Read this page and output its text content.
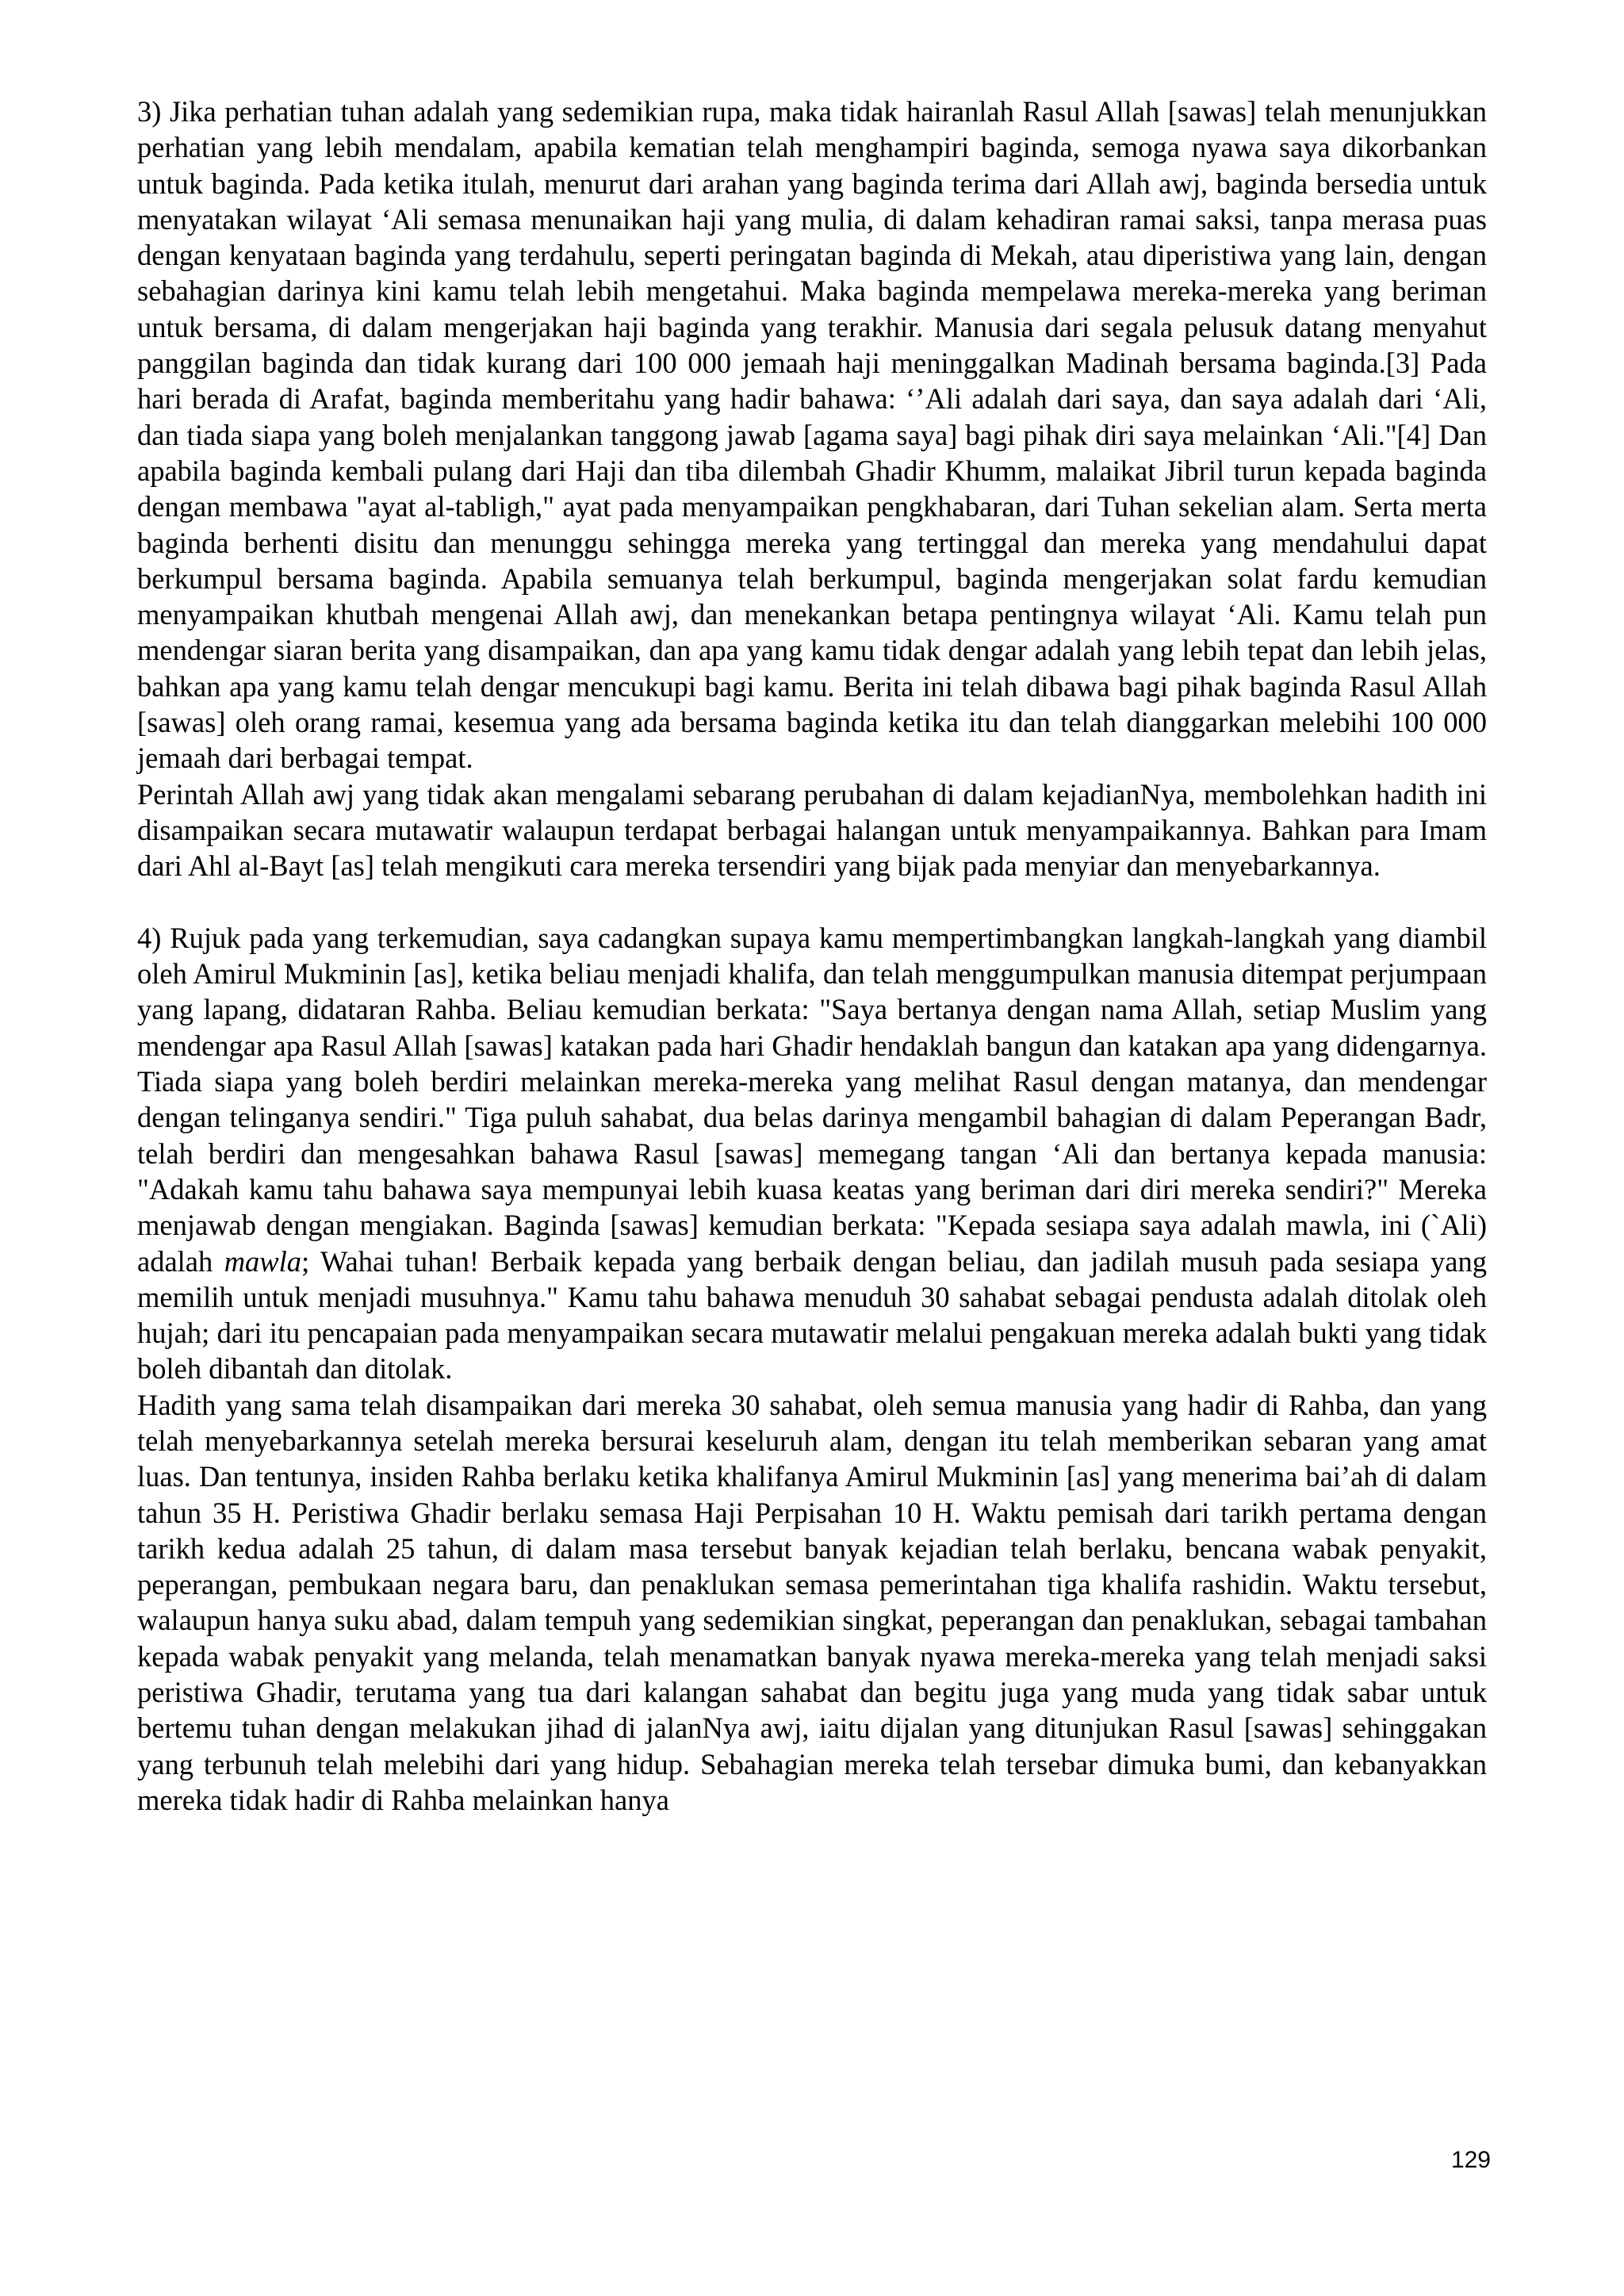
3) Jika perhatian tuhan adalah yang sedemikian rupa, maka tidak hairanlah Rasul Allah [sawas] telah menunjukkan perhatian yang lebih mendalam, apabila kematian telah menghampiri baginda, semoga nyawa saya dikorbankan untuk baginda. Pada ketika itulah, menurut dari arahan yang baginda terima dari Allah awj, baginda bersedia untuk menyatakan wilayat ‘Ali semasa menunaikan haji yang mulia, di dalam kehadiran ramai saksi, tanpa merasa puas dengan kenyataan baginda yang terdahulu, seperti peringatan baginda di Mekah, atau diperistiwa yang lain, dengan sebahagian darinya kini kamu telah lebih mengetahui. Maka baginda mempelawa mereka-mereka yang beriman untuk bersama, di dalam mengerjakan haji baginda yang terakhir. Manusia dari segala pelusuk datang menyahut panggilan baginda dan tidak kurang dari 100 000 jemaah haji meninggalkan Madinah bersama baginda.[3] Pada hari berada di Arafat, baginda memberitahu yang hadir bahawa: ‘’Ali adalah dari saya, dan saya adalah dari ‘Ali, dan tiada siapa yang boleh menjalankan tanggong jawab [agama saya] bagi pihak diri saya melainkan ‘Ali."[4] Dan apabila baginda kembali pulang dari Haji dan tiba dilembah Ghadir Khumm, malaikat Jibril turun kepada baginda dengan membawa "ayat al-tabligh," ayat pada menyampaikan pengkhabaran, dari Tuhan sekelian alam. Serta merta baginda berhenti disitu dan menunggu sehingga mereka yang tertinggal dan mereka yang mendahului dapat berkumpul bersama baginda. Apabila semuanya telah berkumpul, baginda mengerjakan solat fardu kemudian menyampaikan khutbah mengenai Allah awj, dan menekankan betapa pentingnya wilayat ‘Ali. Kamu telah pun mendengar siaran berita yang disampaikan, dan apa yang kamu tidak dengar adalah yang lebih tepat dan lebih jelas, bahkan apa yang kamu telah dengar mencukupi bagi kamu. Berita ini telah dibawa bagi pihak baginda Rasul Allah [sawas] oleh orang ramai, kesemua yang ada bersama baginda ketika itu dan telah dianggarkan melebihi 100 000 jemaah dari berbagai tempat.

Perintah Allah awj yang tidak akan mengalami sebarang perubahan di dalam kejadianNya, membolehkan hadith ini disampaikan secara mutawatir walaupun terdapat berbagai halangan untuk menyampaikannya. Bahkan para Imam dari Ahl al-Bayt [as] telah mengikuti cara mereka tersendiri yang bijak pada menyiar dan menyebarkannya.

4) Rujuk pada yang terkemudian, saya cadangkan supaya kamu mempertimbangkan langkah-langkah yang diambil oleh Amirul Mukminin [as], ketika beliau menjadi khalifa, dan telah menggumpulkan manusia ditempat perjumpaan yang lapang, didataran Rahba. Beliau kemudian berkata: "Saya bertanya dengan nama Allah, setiap Muslim yang mendengar apa Rasul Allah [sawas] katakan pada hari Ghadir hendaklah bangun dan katakan apa yang didengarnya. Tiada siapa yang boleh berdiri melainkan mereka-mereka yang melihat Rasul dengan matanya, dan mendengar dengan telinganya sendiri." Tiga puluh sahabat, dua belas darinya mengambil bahagian di dalam Peperangan Badr, telah berdiri dan mengesahkan bahawa Rasul [sawas] memegang tangan ‘Ali dan bertanya kepada manusia: "Adakah kamu tahu bahawa saya mempunyai lebih kuasa keatas yang beriman dari diri mereka sendiri?" Mereka menjawab dengan mengiakan. Baginda [sawas] kemudian berkata: "Kepada sesiapa saya adalah mawla, ini (`Ali) adalah mawla; Wahai tuhan! Berbaik kepada yang berbaik dengan beliau, dan jadilah musuh pada sesiapa yang memilih untuk menjadi musuhnya." Kamu tahu bahawa menuduh 30 sahabat sebagai pendusta adalah ditolak oleh hujah; dari itu pencapaian pada menyampaikan secara mutawatir melalui pengakuan mereka adalah bukti yang tidak boleh dibantah dan ditolak.

Hadith yang sama telah disampaikan dari mereka 30 sahabat, oleh semua manusia yang hadir di Rahba, dan yang telah menyebarkannya setelah mereka bersurai keseluruh alam, dengan itu telah memberikan sebaran yang amat luas. Dan tentunya, insiden Rahba berlaku ketika khalifanya Amirul Mukminin [as] yang menerima bai’ah di dalam tahun 35 H. Peristiwa Ghadir berlaku semasa Haji Perpisahan 10 H. Waktu pemisah dari tarikh pertama dengan tarikh kedua adalah 25 tahun, di dalam masa tersebut banyak kejadian telah berlaku, bencana wabak penyakit, peperangan, pembukaan negara baru, dan penaklukan semasa pemerintahan tiga khalifa rashidin. Waktu tersebut, walaupun hanya suku abad, dalam tempuh yang sedemikian singkat, peperangan dan penaklukan, sebagai tambahan kepada wabak penyakit yang melanda, telah menamatkan banyak nyawa mereka-mereka yang telah menjadi saksi peristiwa Ghadir, terutama yang tua dari kalangan sahabat dan begitu juga yang muda yang tidak sabar untuk bertemu tuhan dengan melakukan jihad di jalanNya awj, iaitu dijalan yang ditunjukan Rasul [sawas] sehinggakan yang terbunuh telah melebihi dari yang hidup. Sebahagian mereka telah tersebar dimuka bumi, dan kebanyakkan mereka tidak hadir di Rahba melainkan hanya

129
